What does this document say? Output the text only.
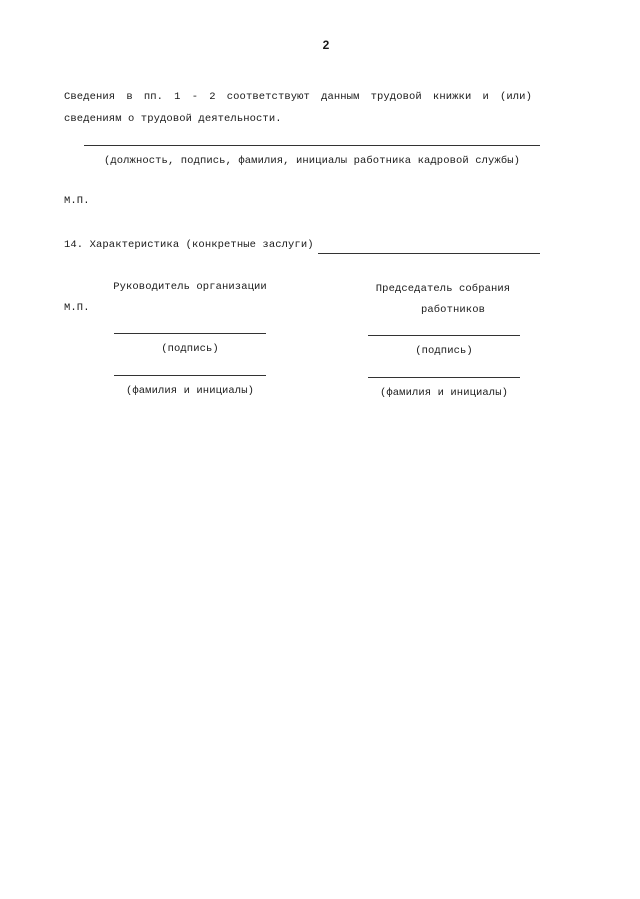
2
Сведения в пп. 1 - 2 соответствуют данным трудовой книжки и (или)
сведениям о трудовой деятельности.
(должность, подпись, фамилия, инициалы работника кадровой службы)
М.П.
14. Характеристика (конкретные заслуги)
Руководитель организации	Председатель собрания
работников
М.П.
(подпись)	(подпись)
(фамилия и инициалы)	(фамилия и инициалы)
